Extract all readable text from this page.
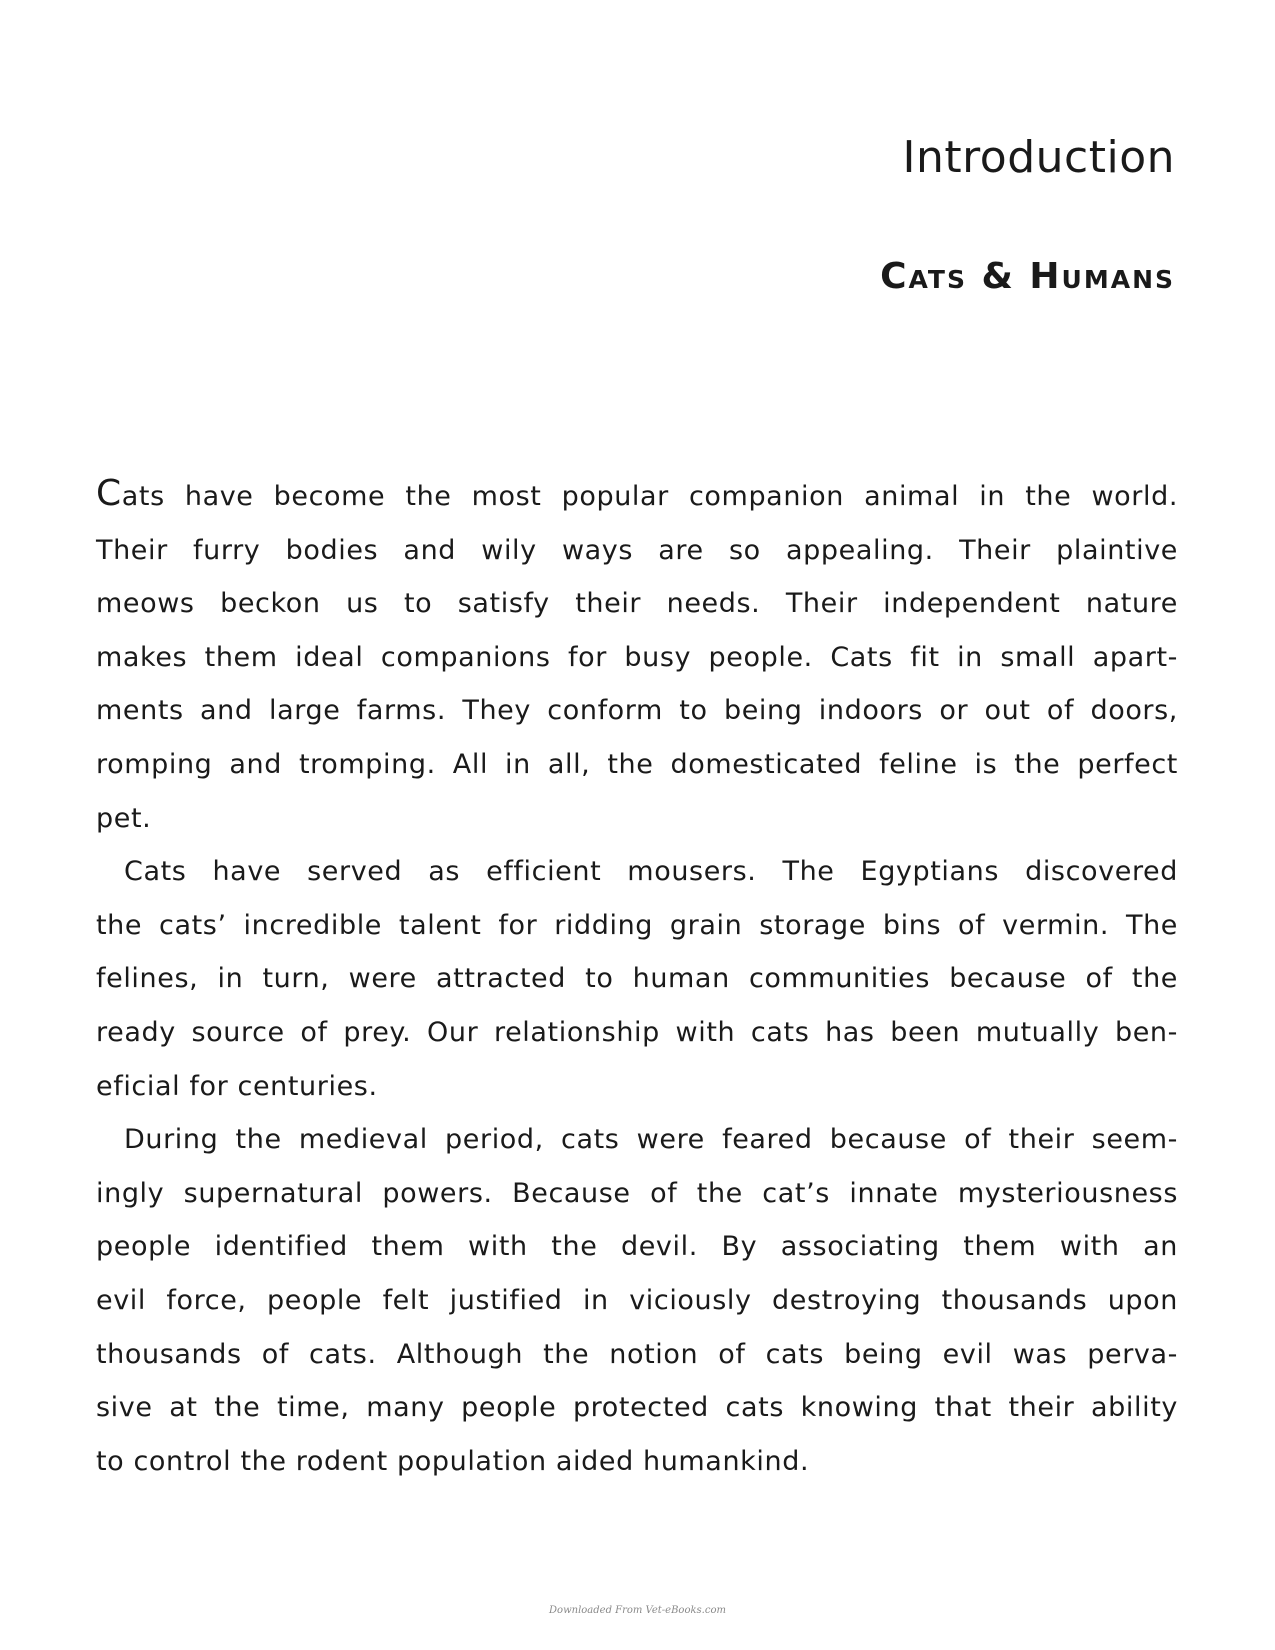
Introduction
Cats & Humans
Cats have become the most popular companion animal in the world.
Their furry bodies and wily ways are so appealing. Their plaintive
meows beckon us to satisfy their needs. Their independent nature
makes them ideal companions for busy people. Cats fit in small apart-
ments and large farms. They conform to being indoors or out of doors,
romping and tromping. All in all, the domesticated feline is the perfect
pet.
Cats have served as efficient mousers. The Egyptians discovered
the cats’ incredible talent for ridding grain storage bins of vermin. The
felines, in turn, were attracted to human communities because of the
ready source of prey. Our relationship with cats has been mutually ben-
eficial for centuries.
During the medieval period, cats were feared because of their seem-
ingly supernatural powers. Because of the cat’s innate mysteriousness
people identified them with the devil. By associating them with an
evil force, people felt justified in viciously destroying thousands upon
thousands of cats. Although the notion of cats being evil was perva-
sive at the time, many people protected cats knowing that their ability
to control the rodent population aided humankind.
Downloaded From Vet-eBooks.com
